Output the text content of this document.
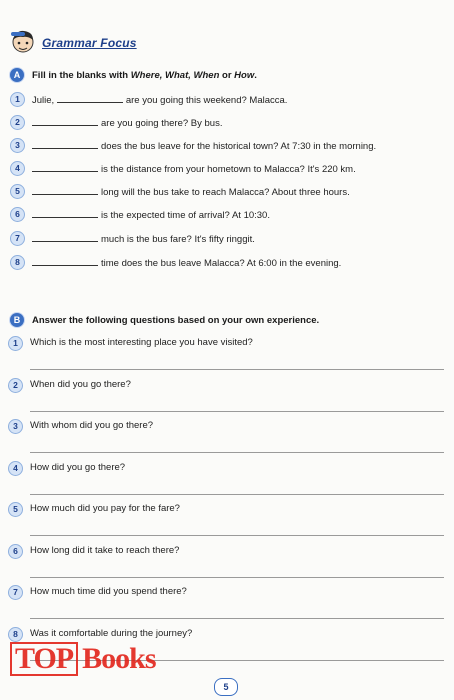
Grammar Focus
A	Fill in the blanks with Where, What, When or How.
1	Julie,	are you going this weekend? Malacca.
2	are you going there? By bus.
3	does the bus leave for the historical town? At 7:30 in the morning.
4	is the distance from your hometown to Malacca? It's 220 km.
5	long will the bus take to reach Malacca? About three hours.
6	is the expected time of arrival? At 10:30.
7	much is the bus fare? It's fifty ringgit.
8	time does the bus leave Malacca? At 6:00 in the evening.
B	Answer the following questions based on your own experience.
1	Which is the most interesting place you have visited?
2	When did you go there?
3	With whom did you go there?
4	How did you go there?
5	How much did you pay for the fare?
6	How long did it take to reach there?
7	How much time did you spend there?
8	Was it comfortable during the journey?
TOP Books
5
